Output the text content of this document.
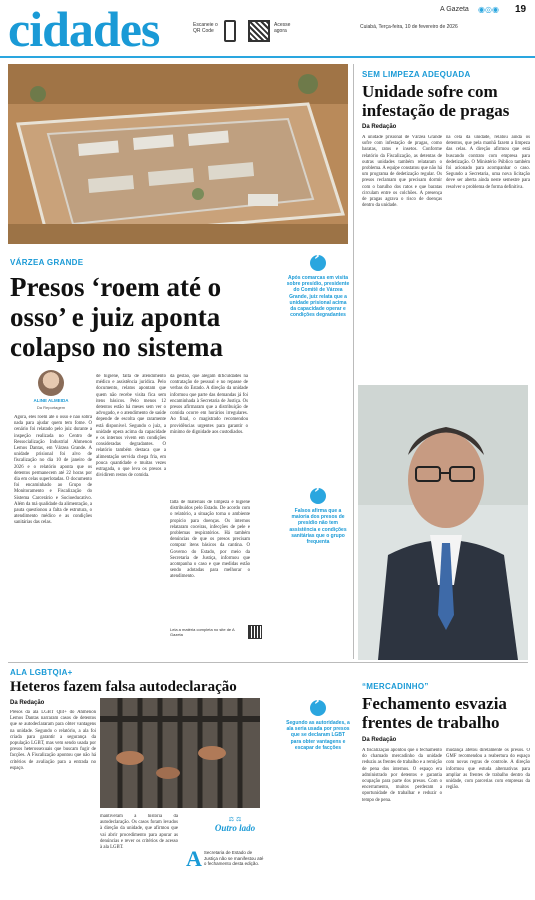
cidades	Escaneie o QR Code
Acesse agora
A Gazeta ◉◎◉ 19
Cuiabá, Terça-feira, 10 de fevereiro de 2026
VÁRZEA GRANDE
Presos ‘roem até o
osso’ e juiz aponta
colapso no sistema
ALINE ALMEIDA
Da Reportagem

Agora, eles roem até o osso e não sobra nada para ajudar quem tem fome. O cenário foi relatado pelo juiz durante a inspeção realizada no Centro de Ressocialização Industrial Ahmenon Lemos Dantas, em Várzea Grande. A unidade prisional foi alvo de fiscalização no dia 10 de janeiro de 2026 e o relatório aponta que os detentos permanecem até 22 horas por dia em celas superlotadas. O documento foi encaminhado ao Grupo de Monitoramento e Fiscalização do Sistema Carcerário e Socioeducativo. Além da má qualidade da alimentação, a pauta questionou a falta de estrutura, o atendimento médico e as condições sanitárias das celas.

de higiene, falta de atendimento médico e assistência jurídica. Pelo documento, relatos apontam que quem não recebe visita fica sem itens básicos. Pelo menos 12 detentos estão há meses sem ver o advogado, e o atendimento de saúde depende de escolta que raramente está disponível. Segundo o juiz, a unidade opera acima da capacidade e os internos vivem em condições consideradas degradantes. O relatório também destaca que a alimentação servida chega fria, em pouca quantidade e muitas vezes estragada, o que leva os presos a dividirem restos de comida.

da gestão, que alegam dificuldades na contratação de pessoal e no repasse de verbas do Estado. A direção da unidade informou que parte das demandas já foi encaminhada à Secretaria de Justiça. Os presos afirmaram que a distribuição de comida ocorre em horários irregulares. Ao final, o magistrado recomendou providências urgentes para garantir o mínimo de dignidade aos custodiados.

falta de materiais de limpeza e higiene distribuídos pelo Estado. De acordo com o relatório, a situação torna o ambiente propício para doenças. Os internos relataram coceiras, infecções de pele e problemas respiratórios. Há também denúncias de que os presos precisam comprar itens básicos da cantina. O Governo do Estado, por meio da Secretaria de Justiça, informou que acompanha o caso e que medidas estão sendo adotadas para melhorar o atendimento.

Leia a matéria completa no site de A Gazeta
›
Após comarcas em visita sobre presídio, presidente do Comitê de Várzea Grande, juiz relata que a unidade prisional acima da capacidade operar e condições degradantes
›
Falsos afirma que a maioria dos presos de presídio não tem assistência e condições sanitárias que o grupo frequenta
SEM LIMPEZA ADEQUADA
Unidade sofre com
infestação de pragas
Da Redação

A unidade prisional de Várzea Grande sofre com infestação de pragas, como baratas, ratos e insetos. Conforme relatório da Fiscalização, as detentas de outras unidades também relataram o problema. A equipe constatou que não há um programa de dedetização regular. Os presos reclamam que precisam dormir com o barulho dos ratos e que baratas circulam entre os colchões. A presença de pragas agrava o risco de doenças dentro da unidade.

na cela da unidade, relatou ainda os detentos, que pela manhã fazem a limpeza das celas. A direção afirmou que está buscando contrato com empresa para dedetização. O Ministério Público também foi acionado para acompanhar o caso. Segundo a Secretaria, uma nova licitação deve ser aberta ainda neste semestre para resolver o problema de forma definitiva.

ALA LGBTQIA+
Heteros fazem falsa autodeclaração
Da Redação

Presos da ala LGBT Qlit+ do Ahmenon Lemos Dantas narraram casos de detentos que se autodeclararam para obter vantagens na unidade. Segundo o relatório, a ala foi criada para garantir a segurança da população LGBT, mas vem sendo usada por presos heterossexuais que buscam fugir de facções. A Fiscalização apontou que não há critérios de avaliação para a entrada no espaço.

mantiveram a história da autodeclaração. Os casos foram levados à direção da unidade, que afirmou que vai abrir procedimento para apurar as denúncias e rever os critérios de acesso à ala LGBT.

⚖ ⚖
Outro lado
A Secretaria de Estado de Justiça não se manifestou até o fechamento desta edição.
›
Segundo as autoridades, a ala seria usada por presos que se declaram LGBT para obter vantagens e escapar de facções
“MERCADINHO”
Fechamento esvazia
frentes de trabalho
Da Redação

A fiscalização apontou que o fechamento do chamado mercadinho da unidade reduziu as frentes de trabalho e a remição de pena dos internos. O espaço era administrado por detentos e garantia ocupação para parte dos presos. Com o encerramento, muitos perderam a oportunidade de trabalhar e reduzir o tempo de pena.

mudança afetou diretamente os presos. O GMF recomendou a reabertura do espaço com novas regras de controle. A direção informou que estuda alternativas para ampliar as frentes de trabalho dentro da unidade, com parcerias com empresas da região.
